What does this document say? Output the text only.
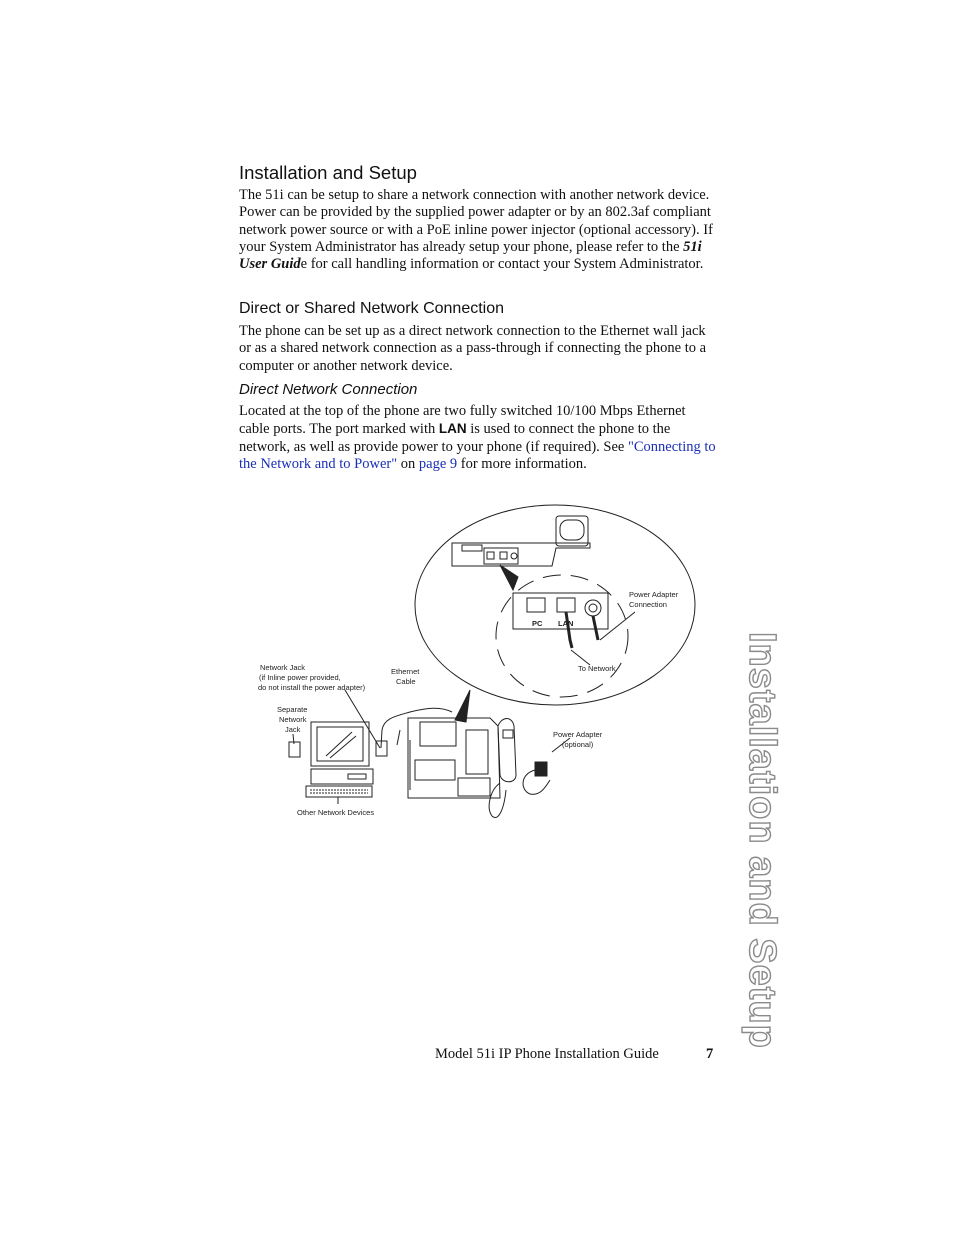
Installation and Setup

The 51i can be setup to share a network connection with another network device. Power can be provided by the supplied power adapter or by an 802.3af compliant network power source or with a PoE inline power injector (optional accessory). If your System Administrator has already setup your phone, please refer to the 51i User Guide for call handling information or contact your System Administrator.

Direct or Shared Network Connection

The phone can be set up as a direct network connection to the Ethernet wall jack or as a shared network connection as a pass-through if connecting the phone to a computer or another network device.

Direct Network Connection

Located at the top of the phone are two fully switched 10/100 Mbps Ethernet cable ports. The port marked with LAN is used to connect the phone to the network, as well as provide power to your phone (if required). See "Connecting to the Network and to Power" on page 9 for more information.

PC LAN
Power Adapter
Connection
To Network
Network Jack
(if Inline power provided,
do not install the power adapter)
Ethernet
Cable
Separate
Network
Jack
Power Adapter
(optional)
Other Network Devices	Installation and Setup
Model 51i IP Phone Installation Guide	7
